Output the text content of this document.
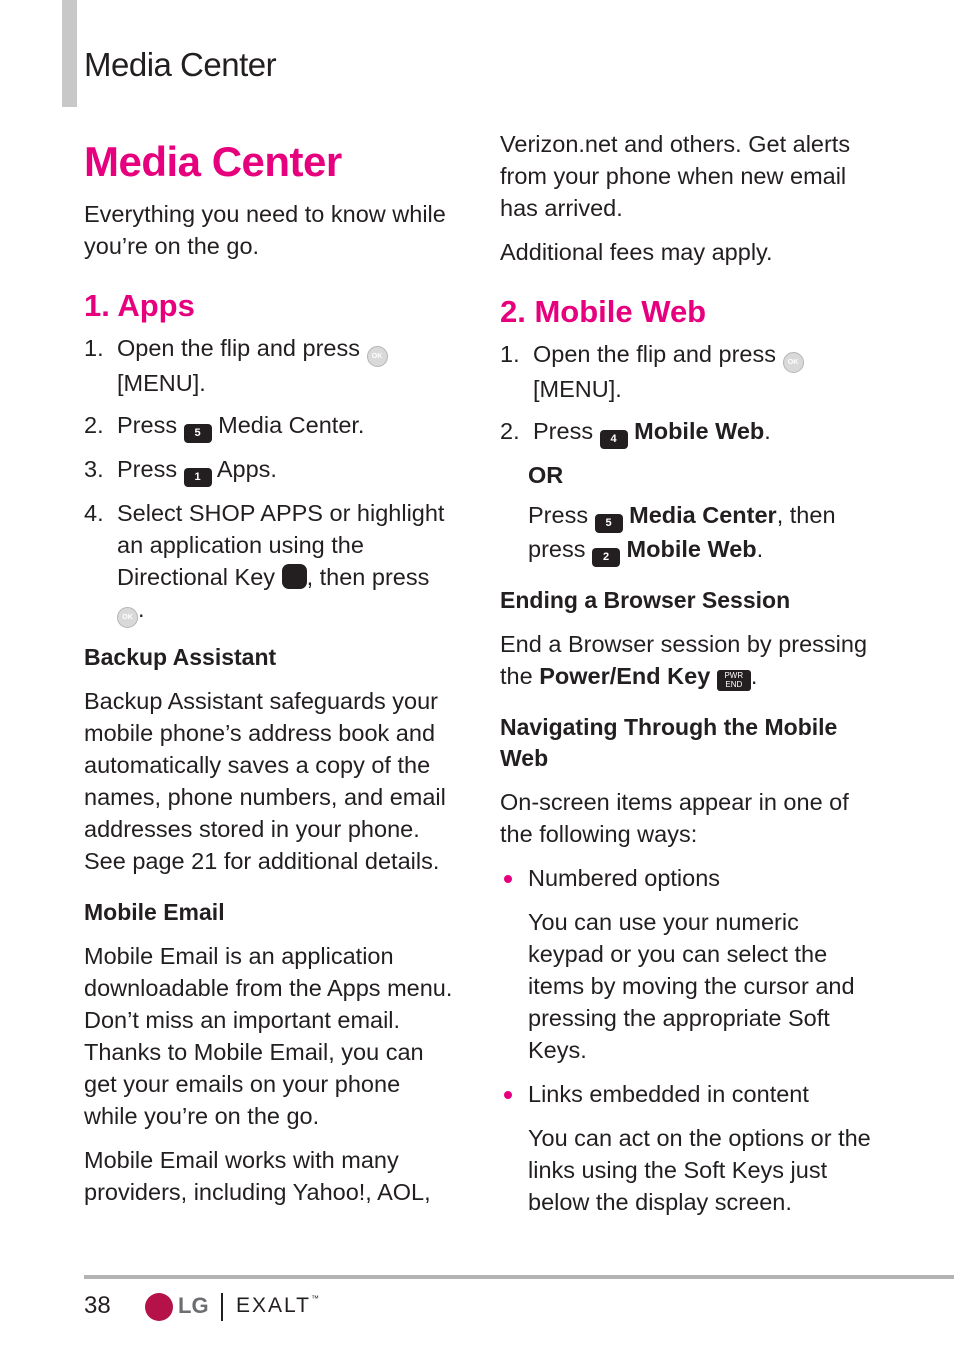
Media Center
Media Center

Everything you need to know while you’re on the go.

1. Apps
1. Open the flip and press OK
[MENU].
2. Press 5 Media Center.
3. Press 1 Apps.
4. Select SHOP APPS or highlight an application using the Directional Key , then press OK .
Backup Assistant

Backup Assistant safeguards your mobile phone’s address book and automatically saves a copy of the names, phone numbers, and email addresses stored in your phone. See page 21 for additional details.

Mobile Email

Mobile Email is an application downloadable from the Apps menu. Don’t miss an important email. Thanks to Mobile Email, you can get your emails on your phone while you’re on the go.

Mobile Email works with many providers, including Yahoo!, AOL,

Verizon.net and others. Get alerts from your phone when new email has arrived.

Additional fees may apply.

2. Mobile Web
1. Open the flip and press OK
[MENU].
2. Press 4 Mobile Web.

OR

Press 5 Media Center, then press 2 Mobile Web.

Ending a Browser Session

End a Browser session by pressing the Power/End Key PWR
END .

Navigating Through the Mobile Web

On-screen items appear in one of the following ways:

Numbered options
You can use your numeric keypad or you can select the items by moving the cursor and pressing the appropriate Soft Keys.
Links embedded in content
You can act on the options or the links using the Soft Keys just below the display screen.
38	LG EXALT™
